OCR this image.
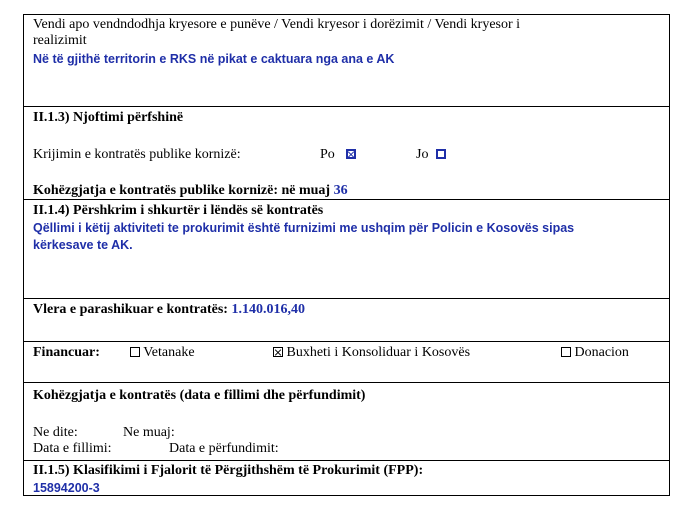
Vendi apo vendndodhja kryesore e punëve / Vendi kryesor i dorëzimit / Vendi kryesor i
realizimit
Në të gjithë territorin e RKS në pikat e caktuara nga ana e AK
II.1.3) Njoftimi përfshinë
Krijimin e kontratës publike kornizë:	Po	Jo
Kohëzgjatja e kontratës publike kornizë: në muaj 36
II.1.4) Përshkrim i shkurtër i lëndës së kontratës
Qëllimi i këtij aktiviteti te prokurimit është furnizimi me ushqim për Policin e Kosovës sipas
kërkesave te AK.
Vlera e parashikuar e kontratës: 1.140.016,40
Financuar:	Vetanake	Buxheti i Konsoliduar i Kosovës	Donacion
Kohëzgjatja e kontratës (data e fillimi dhe përfundimit)
Ne dite:	Ne muaj:
Data e fillimi:	Data e përfundimit:
II.1.5) Klasifikimi i Fjalorit të Përgjithshëm të Prokurimit (FPP):
15894200-3
